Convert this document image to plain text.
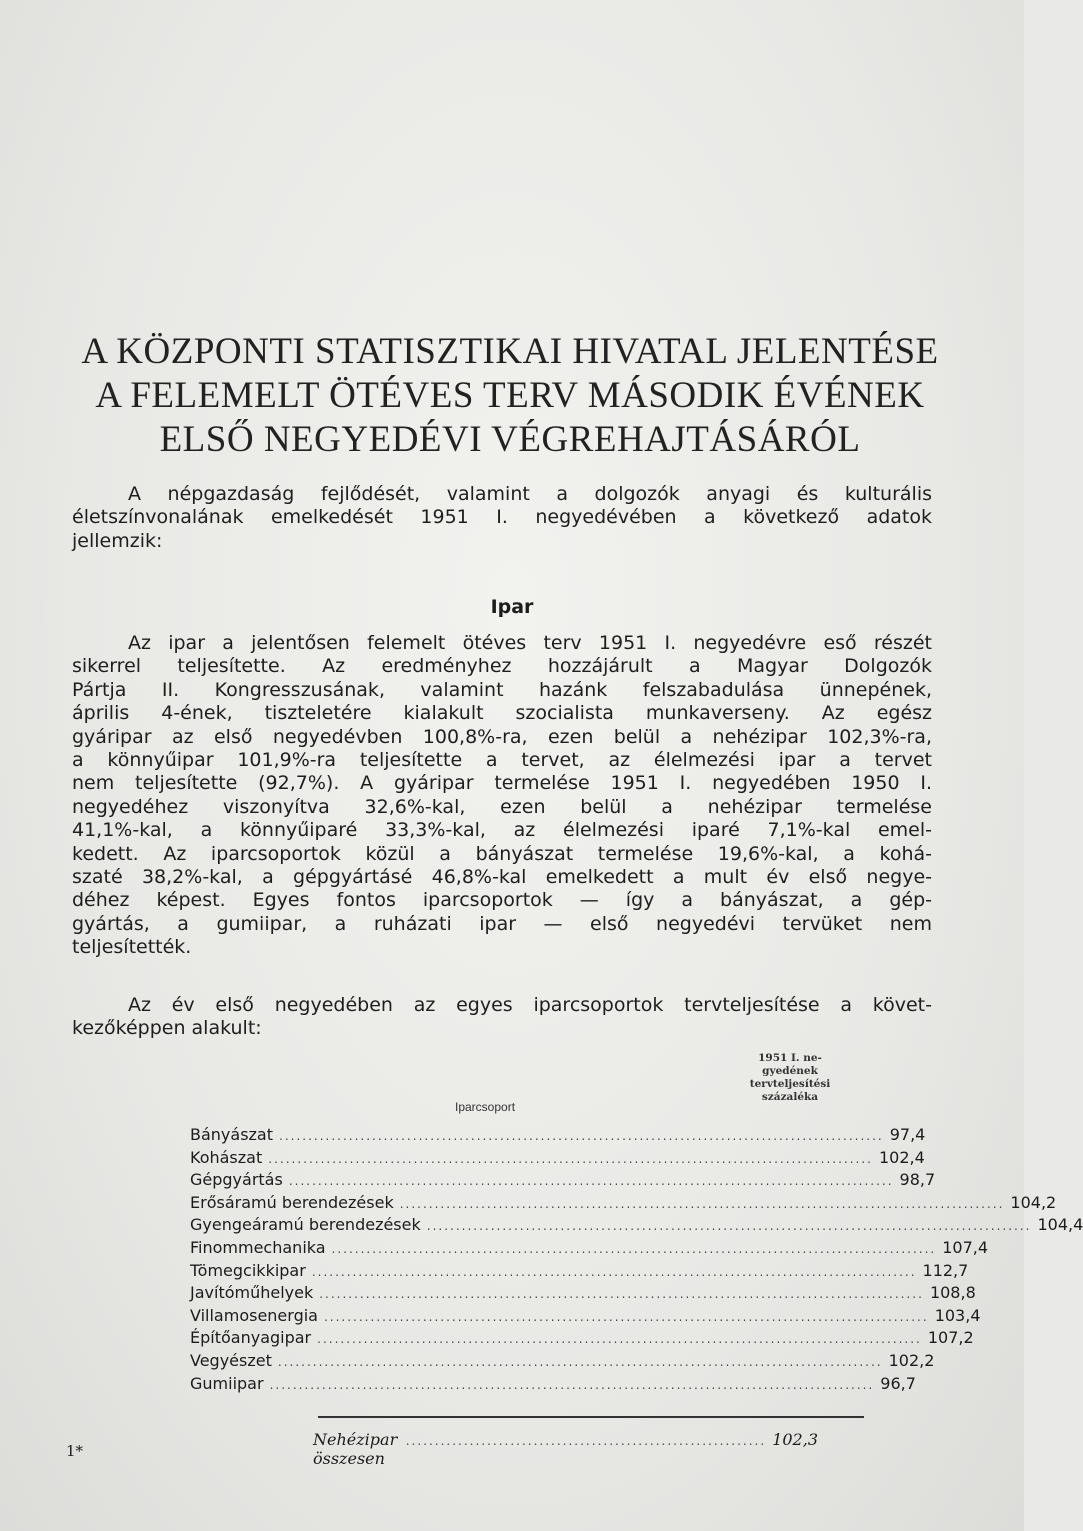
A KÖZPONTI STATISZTIKAI HIVATAL JELENTÉSE
A FELEMELT ÖTÉVES TERV MÁSODIK ÉVÉNEK
ELSŐ NEGYEDÉVI VÉGREHAJTÁSÁRÓL
A népgazdaság fejlődését, valamint a dolgozók anyagi és kulturális
életszínvonalának emelkedését 1951 I. negyedévében a következő adatok
jellemzik:
Ipar
Az ipar a jelentősen felemelt ötéves terv 1951 I. negyedévre eső részét
sikerrel teljesítette. Az eredményhez hozzájárult a Magyar Dolgozók
Pártja II. Kongresszusának, valamint hazánk felszabadulása ünnepének,
április 4-ének, tiszteletére kialakult szocialista munkaverseny. Az egész
gyáripar az első negyedévben 100,8%-ra, ezen belül a nehézipar 102,3%-ra,
a könnyűipar 101,9%-ra teljesítette a tervet, az élelmezési ipar a tervet
nem teljesítette (92,7%). A gyáripar termelése 1951 I. negyedében 1950 I.
negyedéhez viszonyítva 32,6%-kal, ezen belül a nehézipar termelése
41,1%-kal, a könnyűiparé 33,3%-kal, az élelmezési iparé 7,1%-kal emel-
kedett. Az iparcsoportok közül a bányászat termelése 19,6%-kal, a kohá-
szaté 38,2%-kal, a gépgyártásé 46,8%-kal emelkedett a mult év első negye-
déhez képest. Egyes fontos iparcsoportok — így a bányászat, a gép-
gyártás, a gumiipar, a ruházati ipar — első negyedévi tervüket nem
teljesítették.
Az év első negyedében az egyes iparcsoportok tervteljesítése a követ-
kezőképpen alakult:
1951 I. ne-
gyedének
tervteljesítési
százaléka
Iparcsoport
Bányászat ........................................................................................................ 97,4
Kohászat ........................................................................................................ 102,4
Gépgyártás ........................................................................................................ 98,7
Erősáramú berendezések ........................................................................................................ 104,2
Gyengeáramú berendezések ........................................................................................................ 104,4
Finommechanika ........................................................................................................ 107,4
Tömegcikkipar ........................................................................................................ 112,7
Javítóműhelyek ........................................................................................................ 108,8
Villamosenergia ........................................................................................................ 103,4
Építőanyagipar ........................................................................................................ 107,2
Vegyészet ........................................................................................................ 102,2
Gumiipar ........................................................................................................ 96,7
Nehézipar összesen
.............................................................. 102,3
1*
